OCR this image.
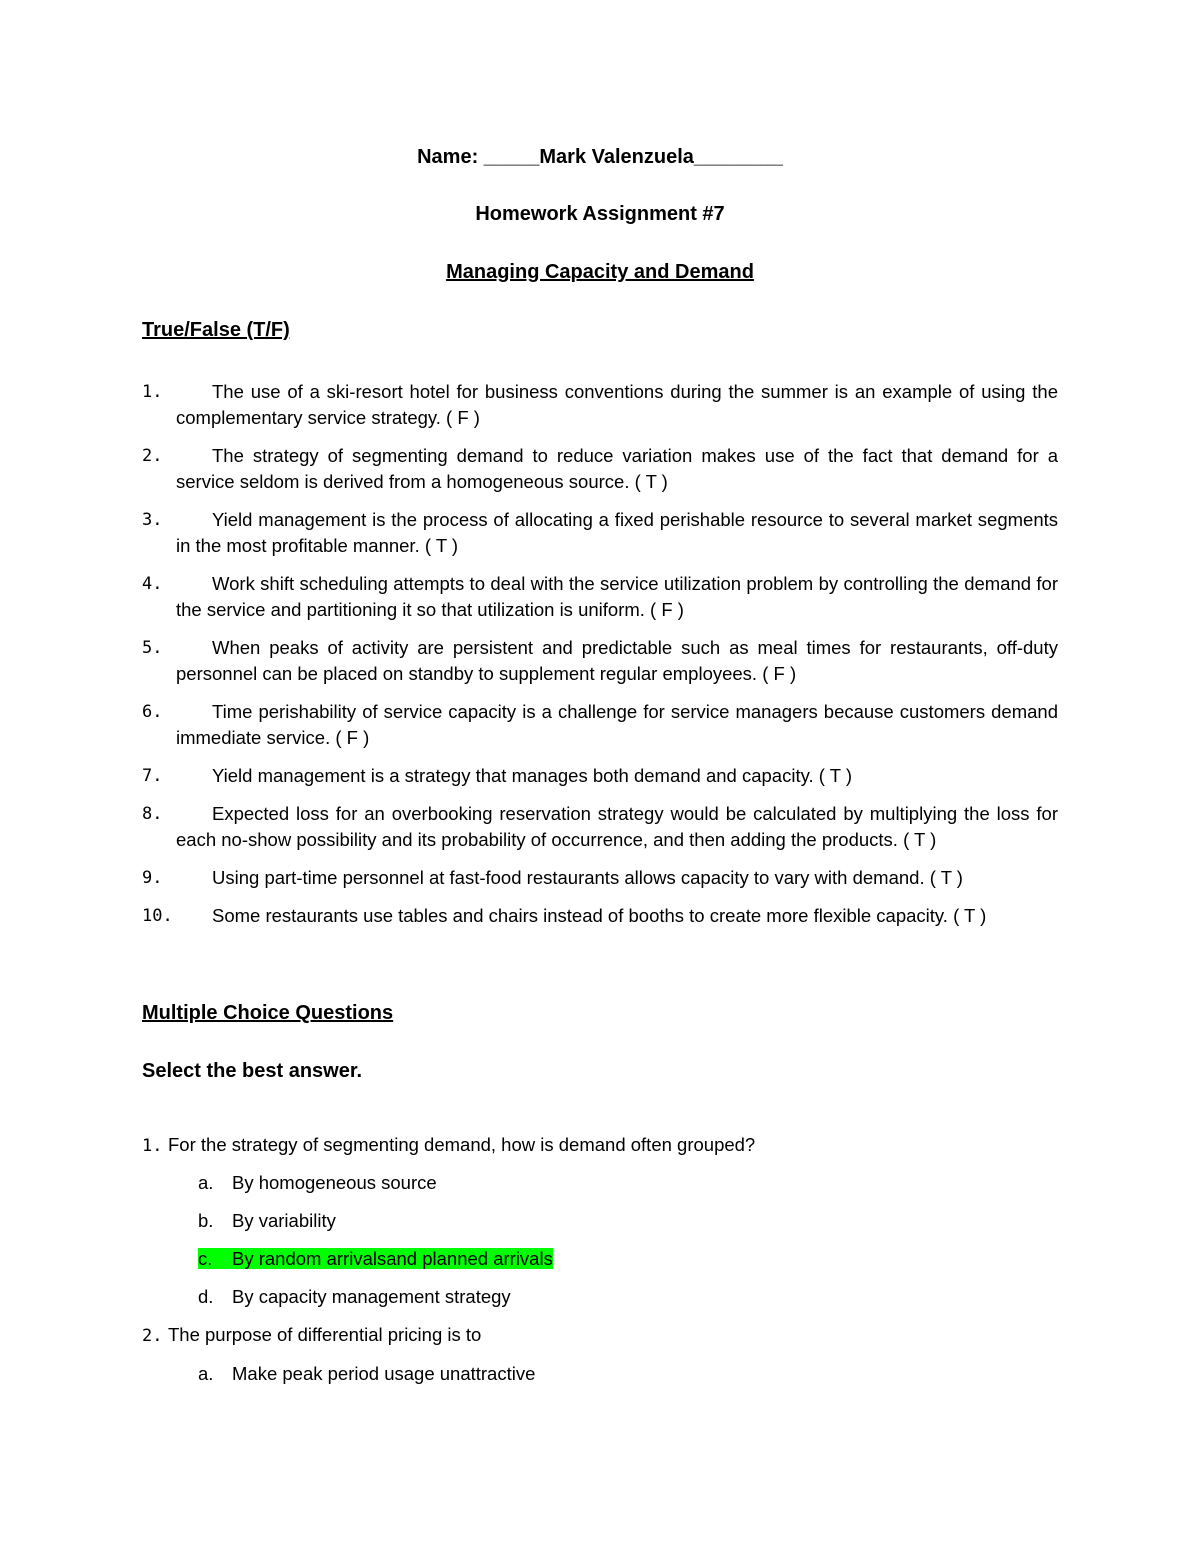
Name: _____Mark Valenzuela________
Homework Assignment #7
Managing Capacity and Demand
True/False (T/F)
1.	The use of a ski-resort hotel for business conventions during the summer is an example of using the complementary service strategy. ( F )
2.	The strategy of segmenting demand to reduce variation makes use of the fact that demand for a service seldom is derived from a homogeneous source. ( T )
3.	Yield management is the process of allocating a fixed perishable resource to several market segments in the most profitable manner. ( T )
4.	Work shift scheduling attempts to deal with the service utilization problem by controlling the demand for the service and partitioning it so that utilization is uniform. ( F )
5.	When peaks of activity are persistent and predictable such as meal times for restaurants, off-duty personnel can be placed on standby to supplement regular employees. ( F )
6.	Time perishability of service capacity is a challenge for service managers because customers demand immediate service. ( F )
7.	Yield management is a strategy that manages both demand and capacity. ( T )
8.	Expected loss for an overbooking reservation strategy would be calculated by multiplying the loss for each no-show possibility and its probability of occurrence, and then adding the products. ( T )
9.	Using part-time personnel at fast-food restaurants allows capacity to vary with demand. ( T )
10.	Some restaurants use tables and chairs instead of booths to create more flexible capacity. ( T )
Multiple Choice Questions
Select the best answer.
1. For the strategy of segmenting demand, how is demand often grouped?
a. By homogeneous source
b. By variability
c. By random arrivalsand planned arrivals
d. By capacity management strategy
2. The purpose of differential pricing is to
a. Make peak period usage unattractive
